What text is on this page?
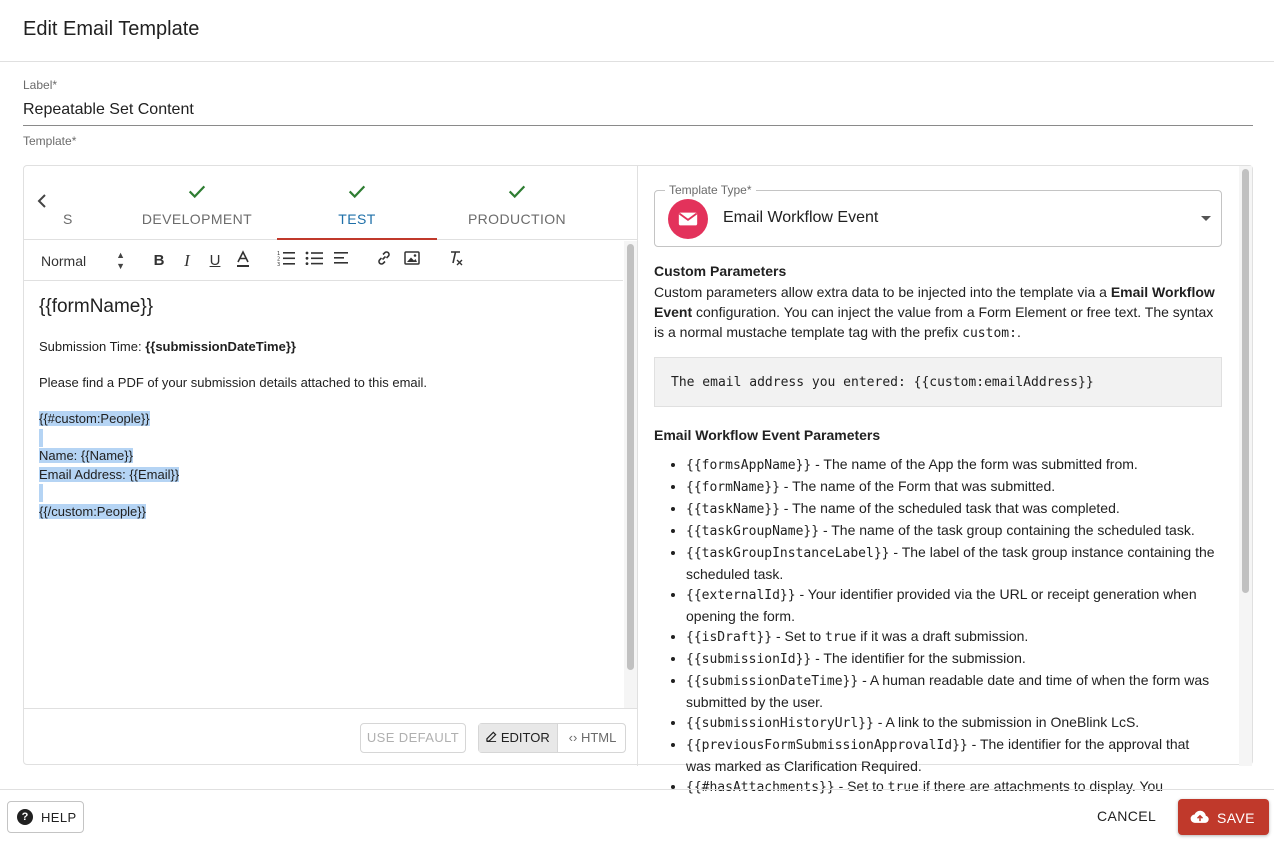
Edit Email Template
Label*
Repeatable Set Content
Template*
S	DEVELOPMENT	TEST	PRODUCTION
Normal	▲
▼ B	I	U	1
2
3
{{formName}}
Submission Time: {{submissionDateTime}}
Please find a PDF of your submission details attached to this email.
{{#custom:People}}
Name: {{Name}}
Email Address: {{Email}}
{{/custom:People}}
USE DEFAULT	EDITOR	‹› HTML
Template Type*
Email Workflow Event
Custom Parameters
Custom parameters allow extra data to be injected into the template via a Email Workflow Event configuration. You can inject the value from a Form Element or free text. The syntax is a normal mustache template tag with the prefix custom:.
The email address you entered: {{custom:emailAddress}}
Email Workflow Event Parameters
• {{formsAppName}} - The name of the App the form was submitted from.
• {{formName}} - The name of the Form that was submitted.
• {{taskName}} - The name of the scheduled task that was completed.
• {{taskGroupName}} - The name of the task group containing the scheduled task.
• {{taskGroupInstanceLabel}} - The label of the task group instance containing the scheduled task.
• {{externalId}} - Your identifier provided via the URL or receipt generation when opening the form.
• {{isDraft}} - Set to true if it was a draft submission.
• {{submissionId}} - The identifier for the submission.
• {{submissionDateTime}} - A human readable date and time of when the form was submitted by the user.
• {{submissionHistoryUrl}} - A link to the submission in OneBlink LcS.
• {{previousFormSubmissionApprovalId}} - The identifier for the approval that was marked as Clarification Required.
• {{#hasAttachments}} - Set to true if there are attachments to display. You
? HELP	CANCEL	SAVE
